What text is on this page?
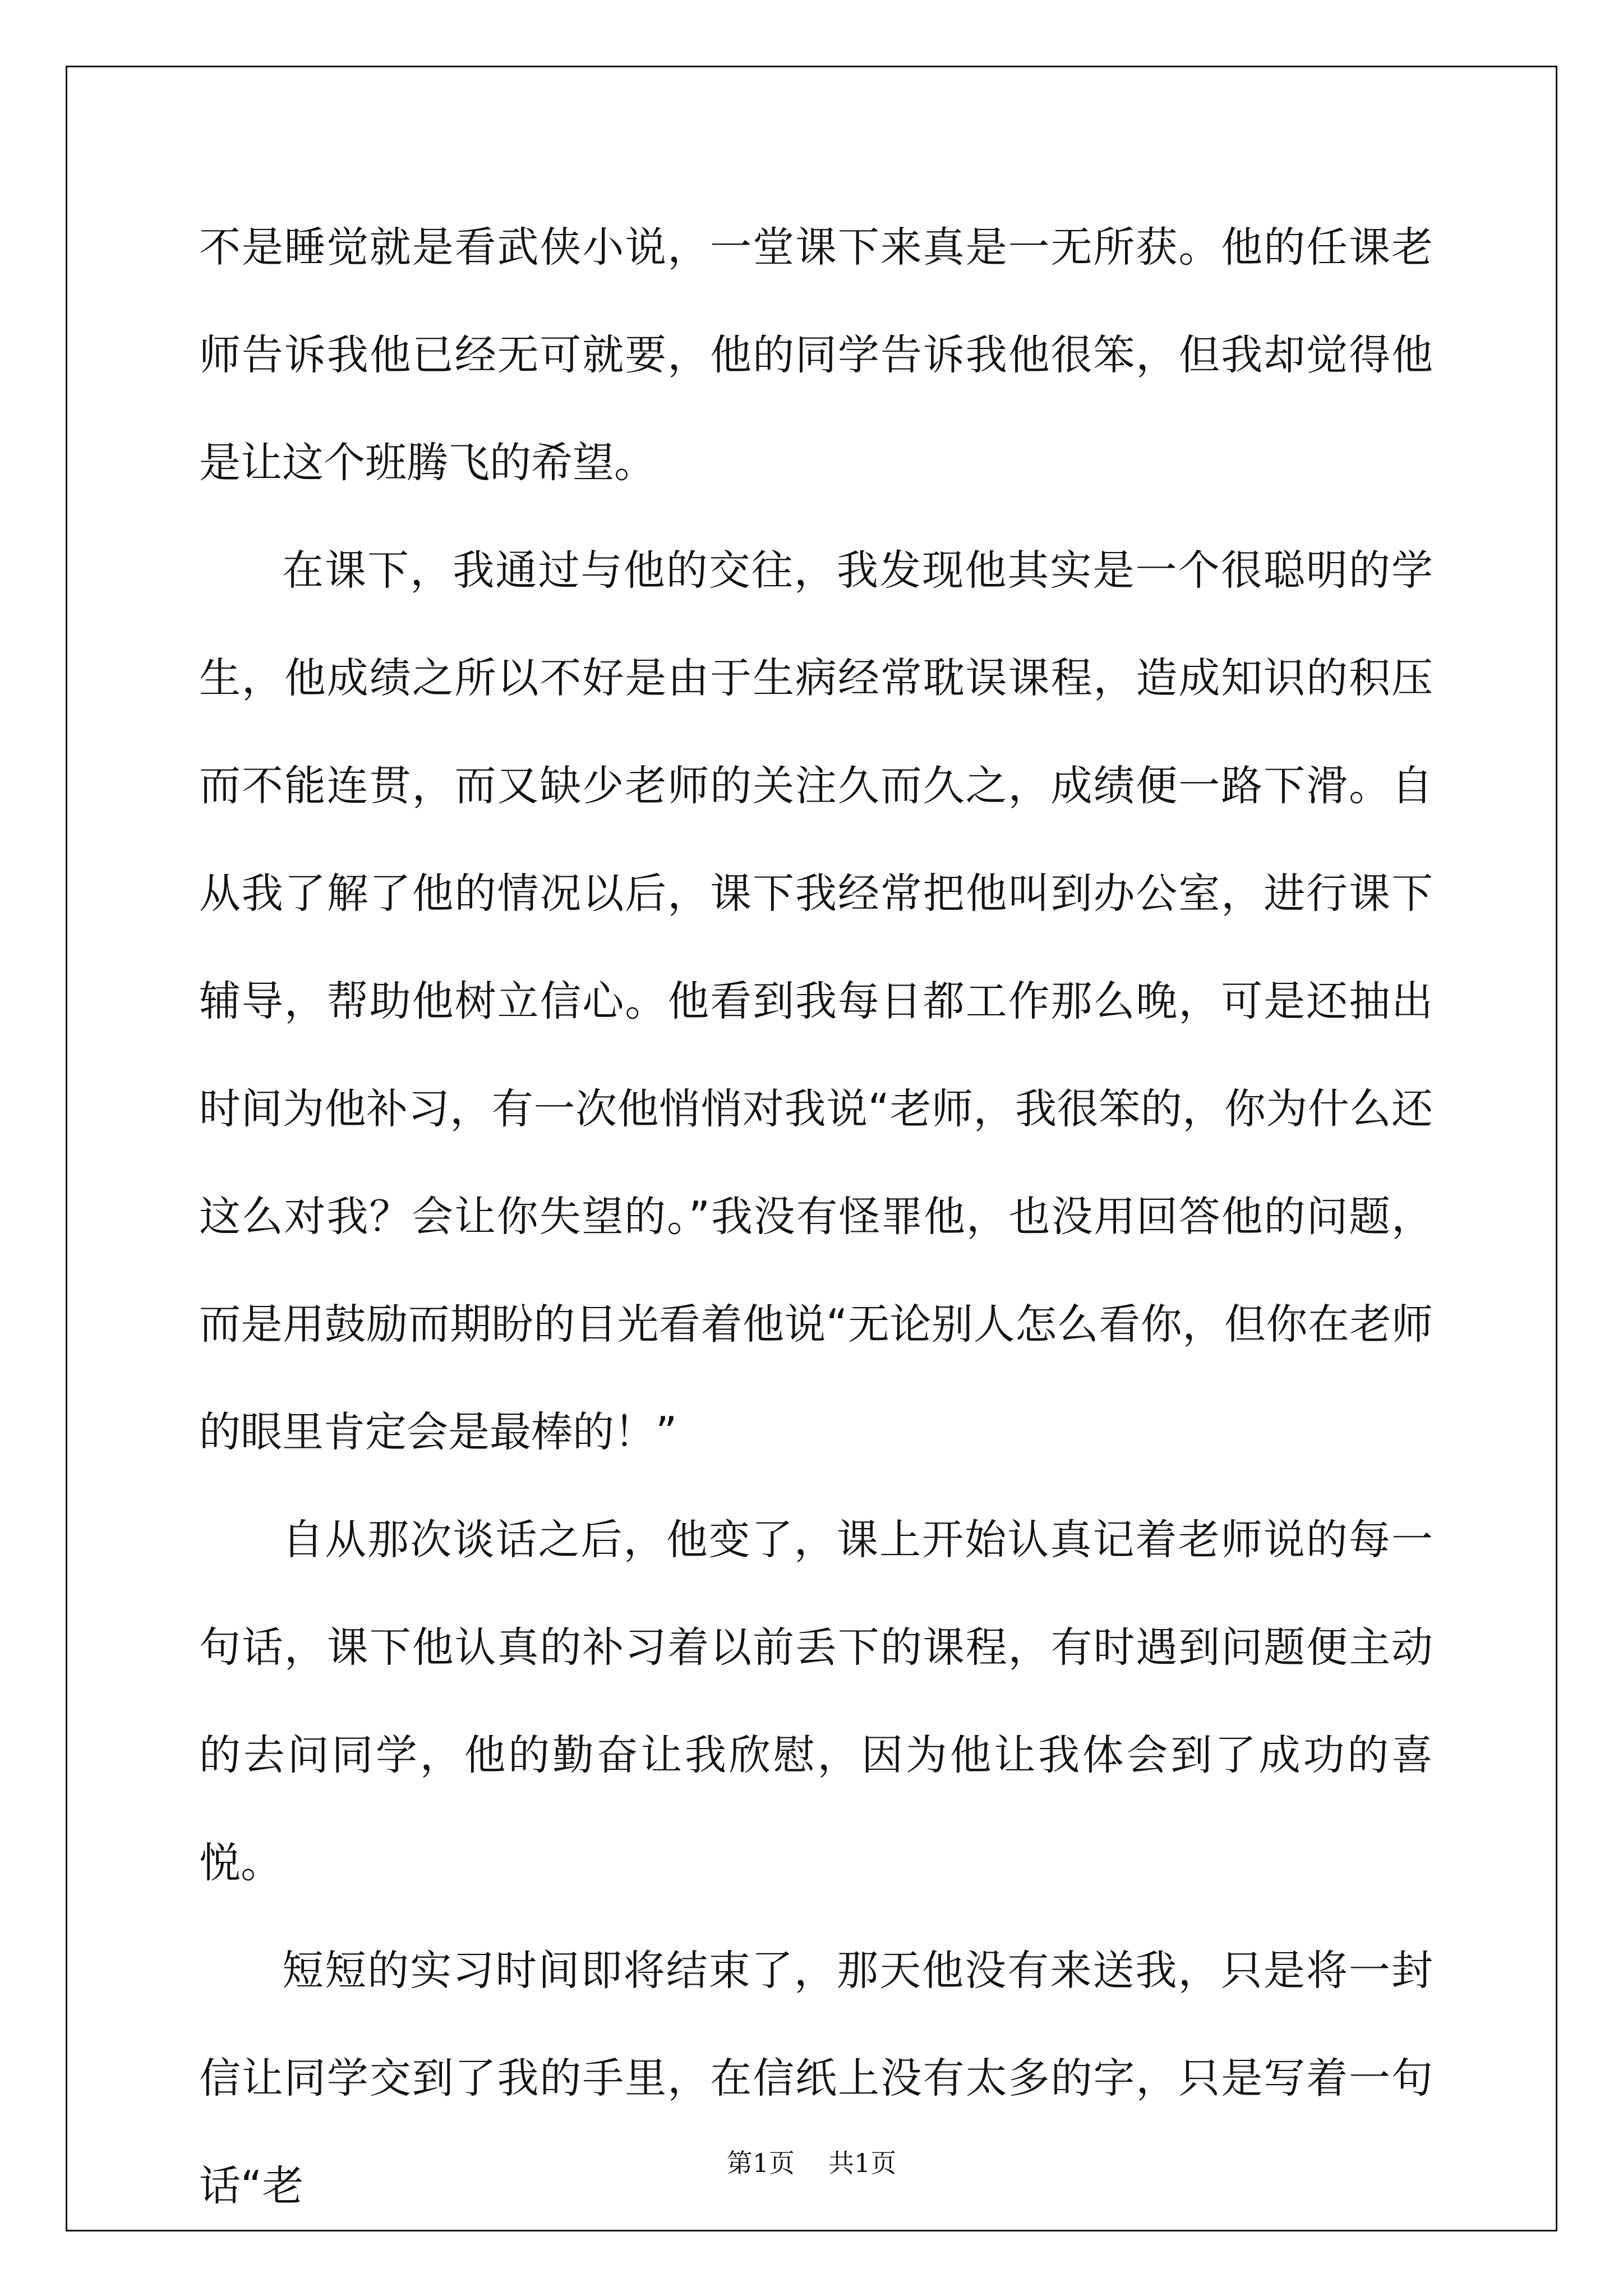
不是睡觉就是看武侠小说，一堂课下来真是一无所获。他的任课老师告诉我他已经无可就要，他的同学告诉我他很笨，但我却觉得他是让这个班腾飞的希望。

在课下，我通过与他的交往，我发现他其实是一个很聪明的学生，他成绩之所以不好是由于生病经常耽误课程，造成知识的积压而不能连贯，而又缺少老师的关注久而久之，成绩便一路下滑。自从我了解了他的情况以后，课下我经常把他叫到办公室，进行课下辅导，帮助他树立信心。他看到我每日都工作那么晚，可是还抽出时间为他补习，有一次他悄悄对我说“老师，我很笨的，你为什么还这么对我？会让你失望的。”我没有怪罪他，也没用回答他的问题，而是用鼓励而期盼的目光看着他说“无论别人怎么看你，但你在老师的眼里肯定会是最棒的！”

自从那次谈话之后，他变了，课上开始认真记着老师说的每一句话，课下他认真的补习着以前丢下的课程，有时遇到问题便主动的去问同学，他的勤奋让我欣慰，因为他让我体会到了成功的喜悦。

短短的实习时间即将结束了，那天他没有来送我，只是将一封信让同学交到了我的手里，在信纸上没有太多的字，只是写着一句话“老	第1页 共1页
